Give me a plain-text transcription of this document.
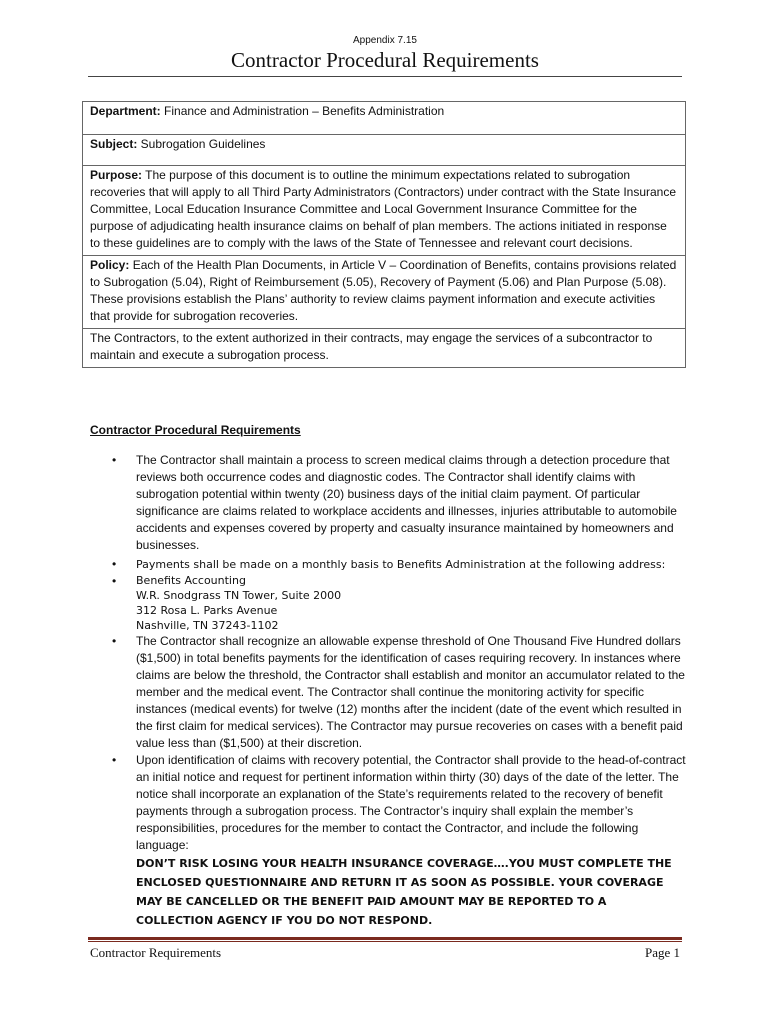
Appendix 7.15
Contractor Procedural Requirements
Department: Finance and Administration – Benefits Administration
Subject: Subrogation Guidelines
Purpose: The purpose of this document is to outline the minimum expectations related to subrogation recoveries that will apply to all Third Party Administrators (Contractors) under contract with the State Insurance Committee, Local Education Insurance Committee and Local Government Insurance Committee for the purpose of adjudicating health insurance claims on behalf of plan members. The actions initiated in response to these guidelines are to comply with the laws of the State of Tennessee and relevant court decisions.
Policy: Each of the Health Plan Documents, in Article V – Coordination of Benefits, contains provisions related to Subrogation (5.04), Right of Reimbursement (5.05), Recovery of Payment (5.06) and Plan Purpose (5.08). These provisions establish the Plans’ authority to review claims payment information and execute activities that provide for subrogation recoveries.
The Contractors, to the extent authorized in their contracts, may engage the services of a subcontractor to maintain and execute a subrogation process.
Contractor Procedural Requirements
• The Contractor shall maintain a process to screen medical claims through a detection procedure that reviews both occurrence codes and diagnostic codes. The Contractor shall identify claims with subrogation potential within twenty (20) business days of the initial claim payment. Of particular significance are claims related to workplace accidents and illnesses, injuries attributable to automobile accidents and expenses covered by property and casualty insurance maintained by homeowners and businesses.
• Payments shall be made on a monthly basis to Benefits Administration at the following address:
• Benefits Accounting
W.R. Snodgrass TN Tower, Suite 2000
312 Rosa L. Parks Avenue
Nashville, TN 37243-1102
• The Contractor shall recognize an allowable expense threshold of One Thousand Five Hundred dollars ($1,500) in total benefits payments for the identification of cases requiring recovery. In instances where claims are below the threshold, the Contractor shall establish and monitor an accumulator related to the member and the medical event. The Contractor shall continue the monitoring activity for specific instances (medical events) for twelve (12) months after the incident (date of the event which resulted in the first claim for medical services). The Contractor may pursue recoveries on cases with a benefit paid value less than ($1,500) at their discretion.
• Upon identification of claims with recovery potential, the Contractor shall provide to the head-of-contract an initial notice and request for pertinent information within thirty (30) days of the date of the letter. The notice shall incorporate an explanation of the State’s requirements related to the recovery of benefit payments through a subrogation process. The Contractor’s inquiry shall explain the member’s responsibilities, procedures for the member to contact the Contractor, and include the following language:
DON’T RISK LOSING YOUR HEALTH INSURANCE COVERAGE….YOU MUST COMPLETE THE ENCLOSED QUESTIONNAIRE AND RETURN IT AS SOON AS POSSIBLE. YOUR COVERAGE MAY BE CANCELLED OR THE BENEFIT PAID AMOUNT MAY BE REPORTED TO A COLLECTION AGENCY IF YOU DO NOT RESPOND.
Contractor Requirements	Page 1
